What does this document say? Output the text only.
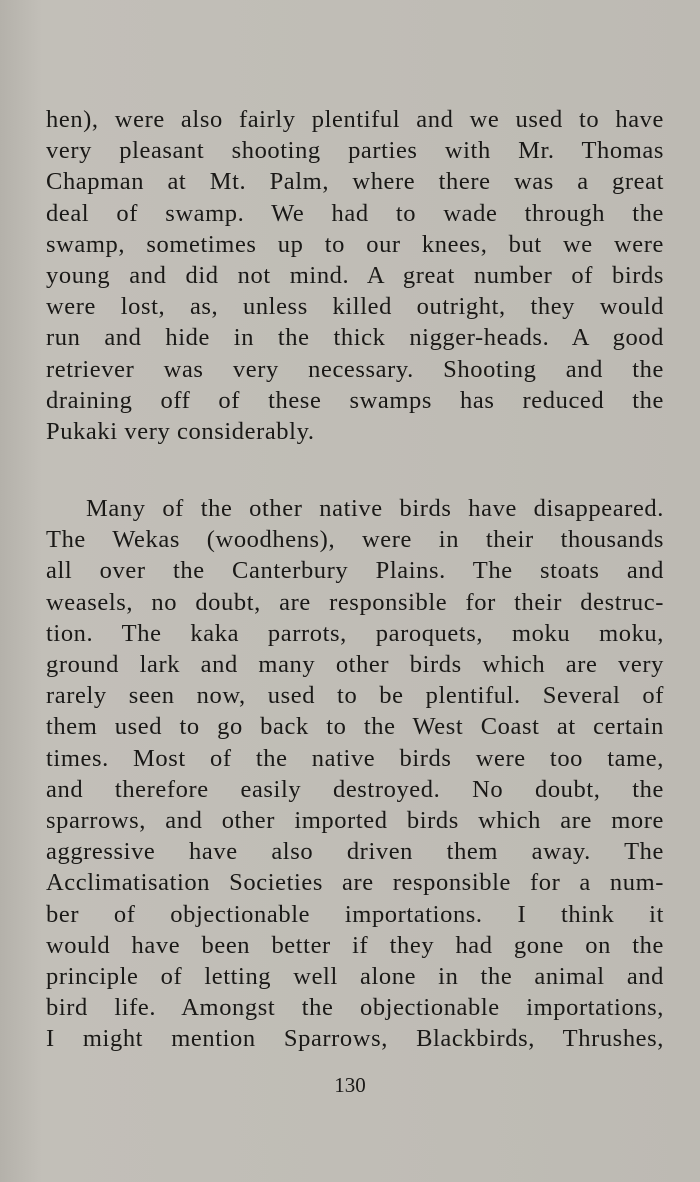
hen), were also fairly plentiful and we used to have
very pleasant shooting parties with Mr. Thomas
Chapman at Mt. Palm, where there was a great
deal of swamp. We had to wade through the
swamp, sometimes up to our knees, but we were
young and did not mind. A great number of birds
were lost, as, unless killed outright, they would
run and hide in the thick nigger-heads. A good
retriever was very necessary. Shooting and the
draining off of these swamps has reduced the
Pukaki very considerably.
Many of the other native birds have disappeared.
The Wekas (woodhens), were in their thousands
all over the Canterbury Plains. The stoats and
weasels, no doubt, are responsible for their destruc-
tion. The kaka parrots, paroquets, moku moku,
ground lark and many other birds which are very
rarely seen now, used to be plentiful. Several of
them used to go back to the West Coast at certain
times. Most of the native birds were too tame,
and therefore easily destroyed. No doubt, the
sparrows, and other imported birds which are more
aggressive have also driven them away. The
Acclimatisation Societies are responsible for a num-
ber of objectionable importations. I think it
would have been better if they had gone on the
principle of letting well alone in the animal and
bird life. Amongst the objectionable importations,
I might mention Sparrows, Blackbirds, Thrushes,
130
